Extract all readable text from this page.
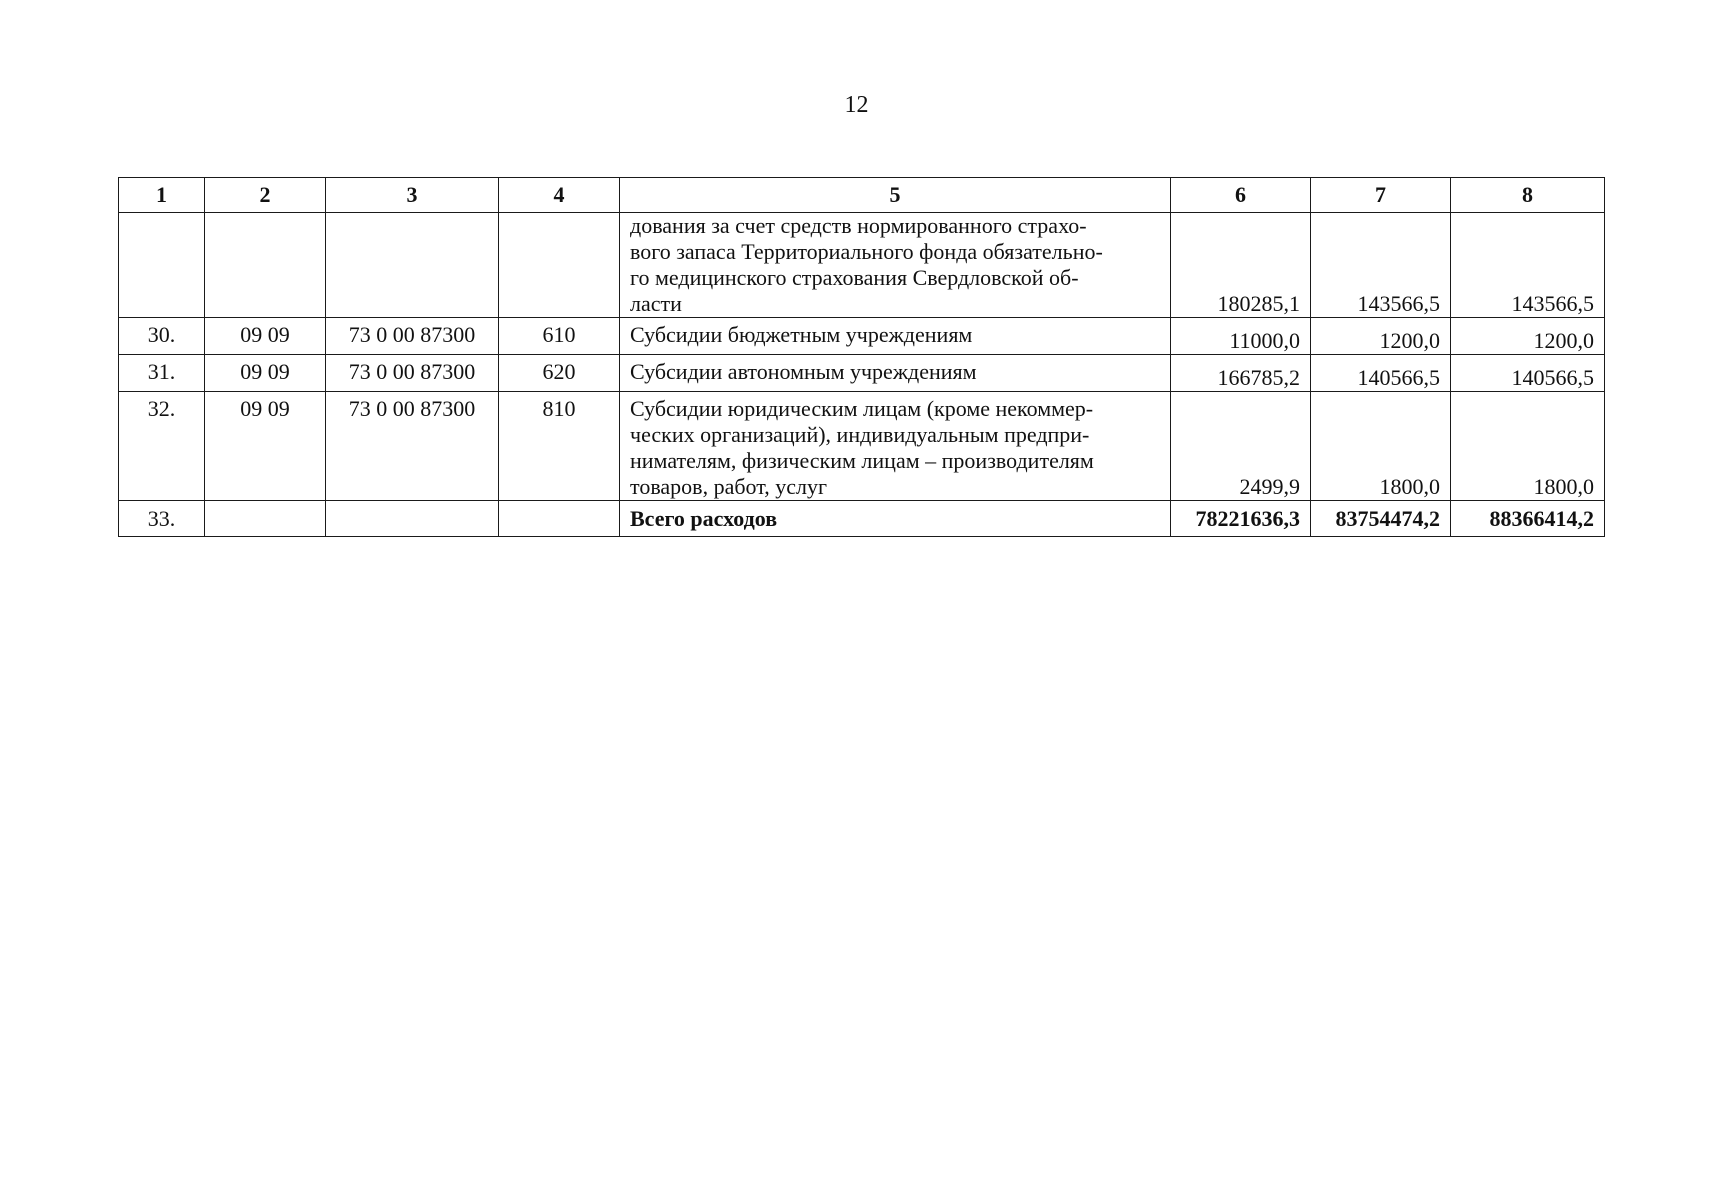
12
1	2	3	4	5	6	7	8

				дования за счет средств нормированного страхо-
вого запаса Территориального фонда обязательно-
го медицинского страхования Свердловской об-
ласти	180285,1	143566,5	143566,5
30.	09 09	73 0 00 87300	610	Субсидии бюджетным учреждениям	11000,0	1200,0	1200,0
31.	09 09	73 0 00 87300	620	Субсидии автономным учреждениям	166785,2	140566,5	140566,5
32.	09 09	73 0 00 87300	810	Субсидии юридическим лицам (кроме некоммер-
ческих организаций), индивидуальным предпри-
нимателям, физическим лицам – производителям
товаров, работ, услуг	2499,9	1800,0	1800,0
33.				Всего расходов	78221636,3	83754474,2	88366414,2
